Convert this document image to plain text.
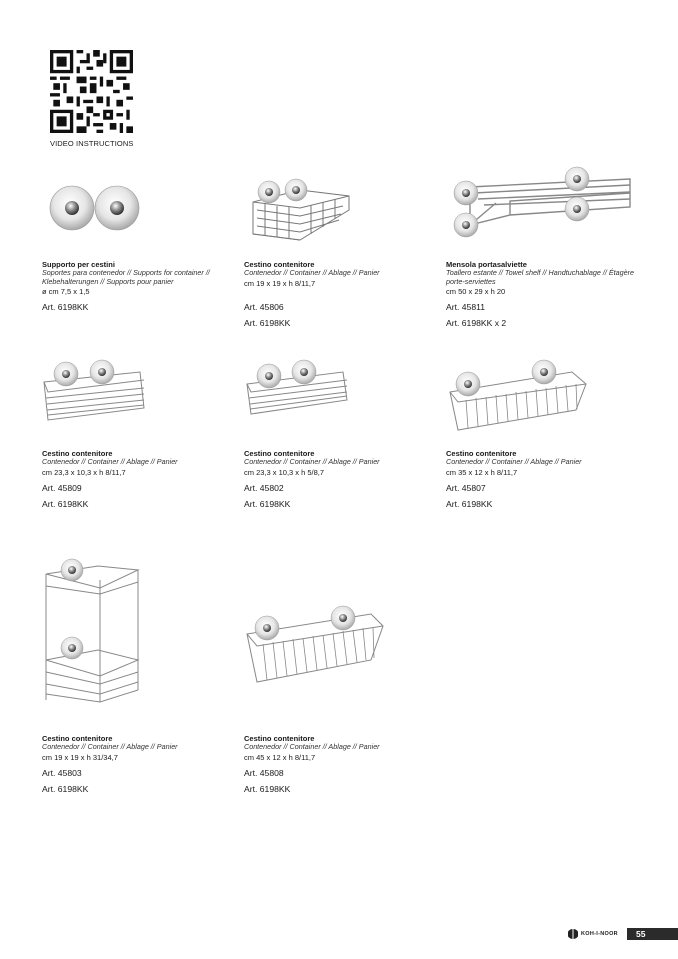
VIDEO INSTRUCTIONS
Supporto per cestini
Soportes para contenedor // Supports for container // Klebehalterungen // Supports pour panier
ø cm 7,5 x 1,5
Art. 6198KK
Cestino contenitore
Contenedor // Container // Ablage // Panier
cm 19 x 19 x h 8/11,7
Art. 45806
Art. 6198KK
Mensola portasalviette
Toallero estante // Towel shelf // Handtuchablage // Étagère porte-serviettes
cm 50 x 29 x h 20
Art. 45811
Art. 6198KK x 2
Cestino contenitore
Contenedor // Container // Ablage // Panier
cm 23,3 x 10,3 x h 8/11,7
Art. 45809
Art. 6198KK
Cestino contenitore
Contenedor // Container // Ablage // Panier
cm 23,3 x 10,3 x h 5/8,7
Art. 45802
Art. 6198KK
Cestino contenitore
Contenedor // Container // Ablage // Panier
cm 35 x 12 x h 8/11,7
Art. 45807
Art. 6198KK
Cestino contenitore
Contenedor // Container // Ablage // Panier
cm 19 x 19 x h 31/34,7
Art. 45803
Art. 6198KK
Cestino contenitore
Contenedor // Container // Ablage // Panier
cm 45 x 12 x h 8/11,7
Art. 45808
Art. 6198KK
KOH-I-NOOR	55
